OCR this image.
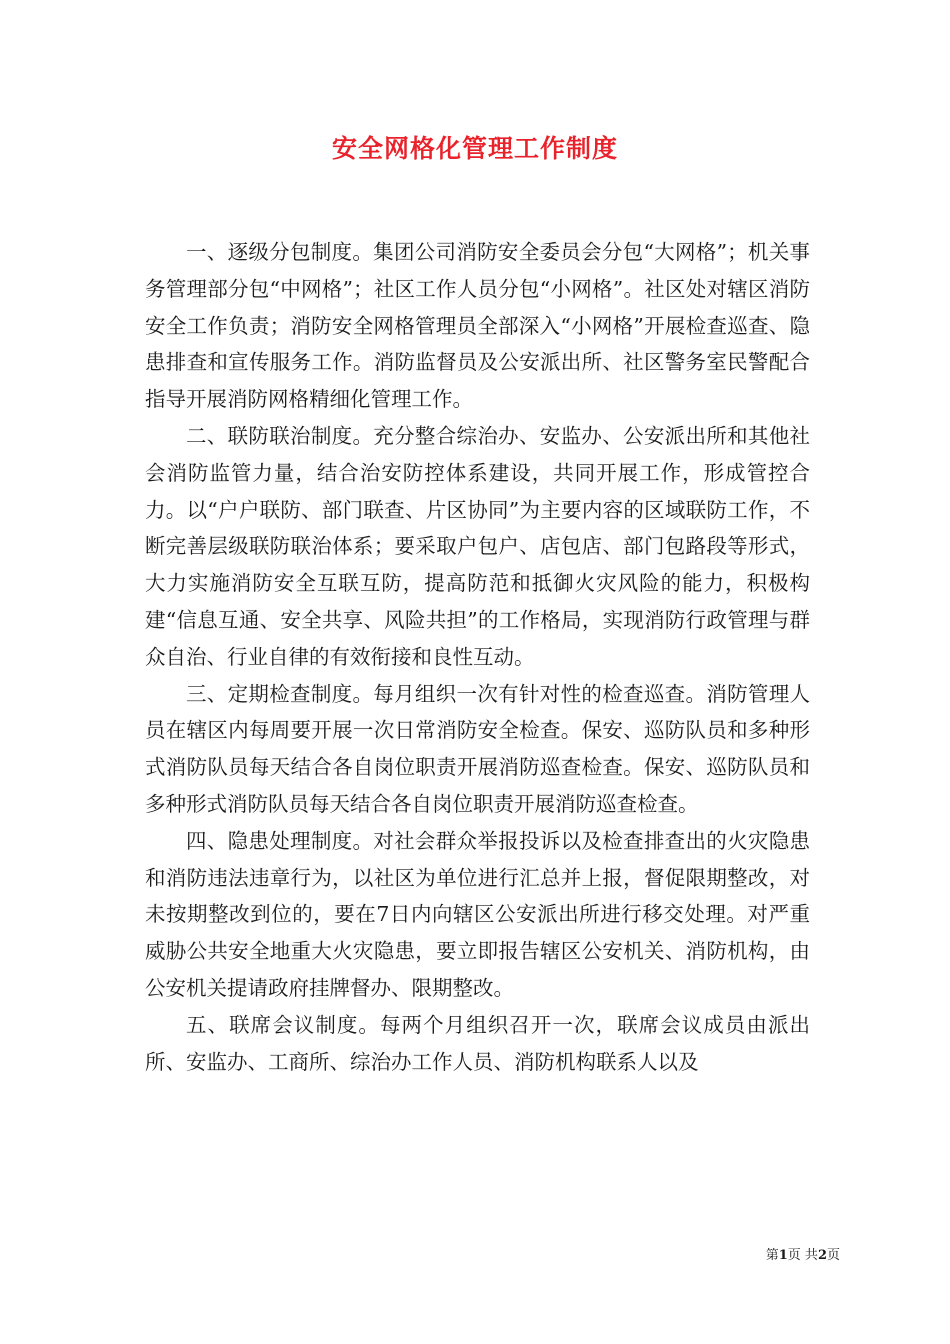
安全网格化管理工作制度

一、逐级分包制度。集团公司消防安全委员会分包“大网格”；机关事务管理部分包“中网格”；社区工作人员分包“小网格”。社区处对辖区消防安全工作负责；消防安全网格管理员全部深入“小网格”开展检查巡查、隐患排查和宣传服务工作。消防监督员及公安派出所、社区警务室民警配合指导开展消防网格精细化管理工作。

二、联防联治制度。充分整合综治办、安监办、公安派出所和其他社会消防监管力量，结合治安防控体系建设，共同开展工作，形成管控合力。以“户户联防、部门联查、片区协同”为主要内容的区域联防工作，不断完善层级联防联治体系；要采取户包户、店包店、部门包路段等形式，大力实施消防安全互联互防，提高防范和抵御火灾风险的能力，积极构建“信息互通、安全共享、风险共担”的工作格局，实现消防行政管理与群众自治、行业自律的有效衔接和良性互动。

三、定期检查制度。每月组织一次有针对性的检查巡查。消防管理人员在辖区内每周要开展一次日常消防安全检查。保安、巡防队员和多种形式消防队员每天结合各自岗位职责开展消防巡查检查。保安、巡防队员和多种形式消防队员每天结合各自岗位职责开展消防巡查检查。

四、隐患处理制度。对社会群众举报投诉以及检查排查出的火灾隐患和消防违法违章行为，以社区为单位进行汇总并上报，督促限期整改，对未按期整改到位的，要在7日内向辖区公安派出所进行移交处理。对严重威胁公共安全地重大火灾隐患，要立即报告辖区公安机关、消防机构，由公安机关提请政府挂牌督办、限期整改。

五、联席会议制度。每两个月组织召开一次，联席会议成员由派出所、安监办、工商所、综治办工作人员、消防机构联系人以及

第1页 共2页
